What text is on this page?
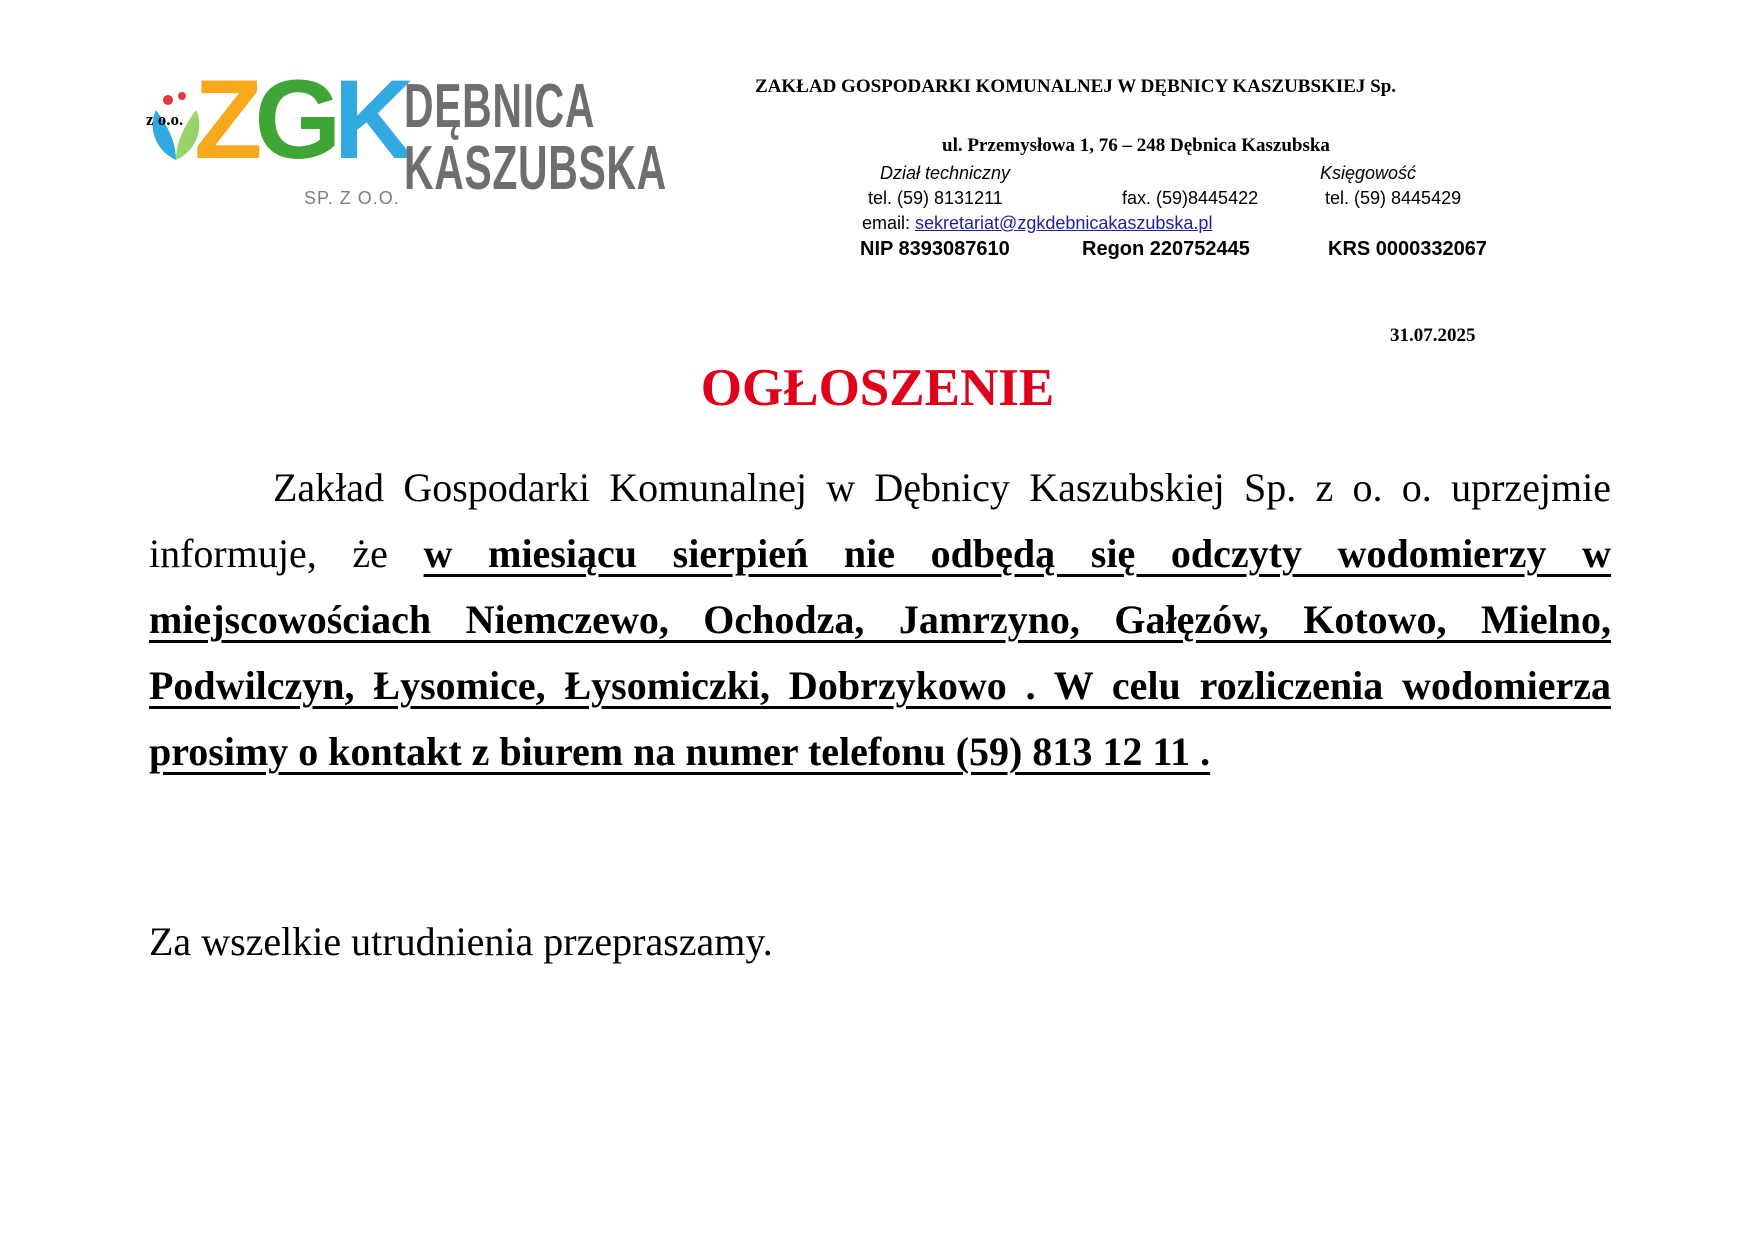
z o.o. ZGK
SP. Z O.O.
DĘBNICA
KASZUBSKA
ZAKŁAD GOSPODARKI KOMUNALNEJ W DĘBNICY KASZUBSKIEJ Sp.
ul. Przemysłowa 1, 76 – 248 Dębnica Kaszubska
Dział techniczny	Księgowość
tel. (59) 8131211	fax. (59)8445422	tel. (59) 8445429
email: sekretariat@zgkdebnicakaszubska.pl
NIP 8393087610	Regon 220752445	KRS 0000332067
31.07.2025
OGŁOSZENIE

Zakład Gospodarki Komunalnej w Dębnicy Kaszubskiej Sp. z o. o. uprzejmie informuje, że w miesiącu sierpień nie odbędą się odczyty wodomierzy w miejscowościach Niemczewo, Ochodza, Jamrzyno, Gałęzów, Kotowo, Mielno, Podwilczyn, Łysomice, Łysomiczki, Dobrzykowo . W celu rozliczenia wodomierza prosimy o kontakt z biurem na numer telefonu (59) 813 12 11 .

Za wszelkie utrudnienia przepraszamy.
